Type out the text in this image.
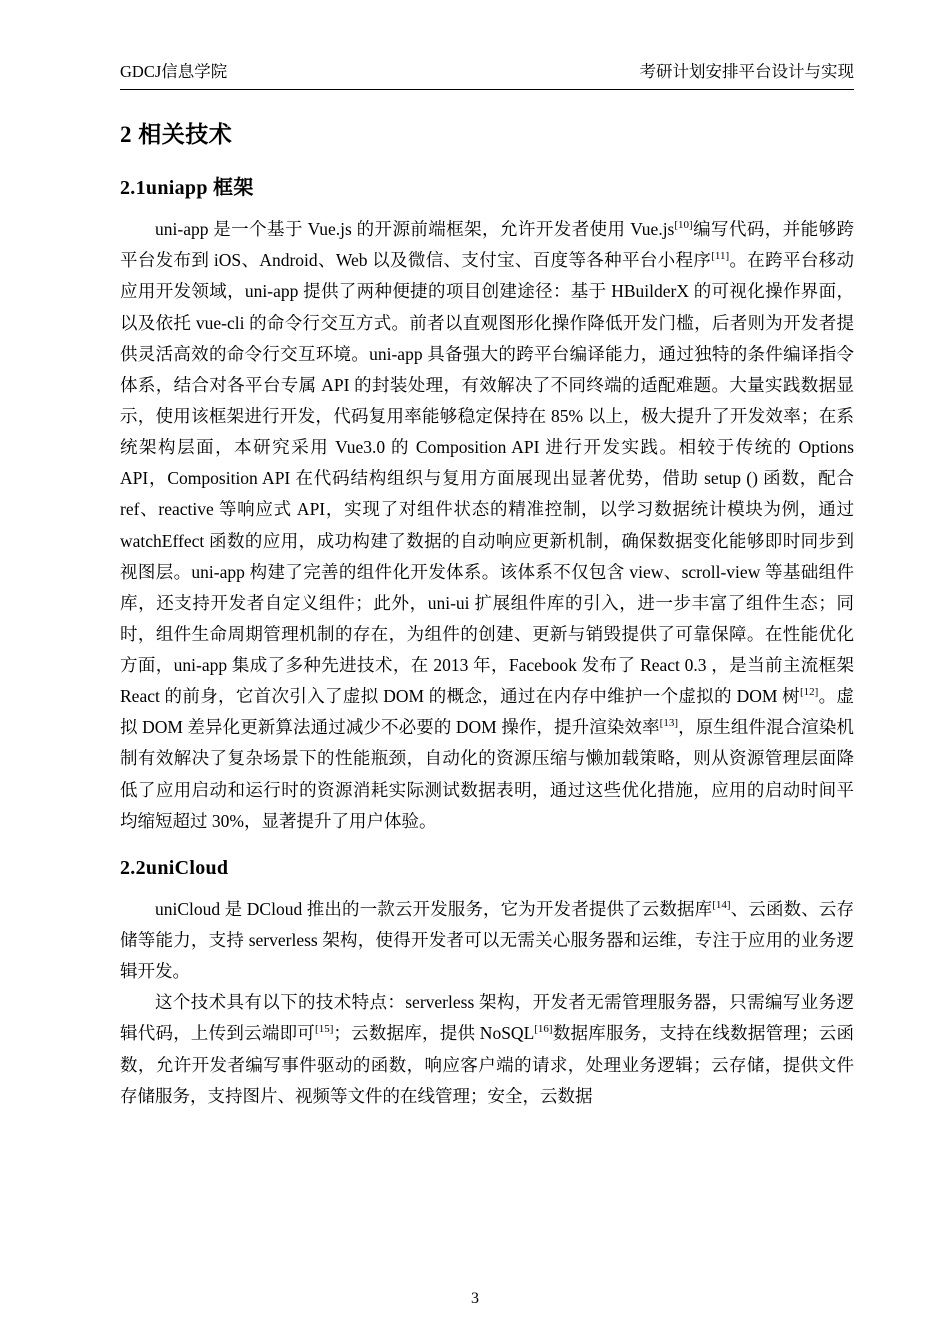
GDCJ信息学院	考研计划安排平台设计与实现
2 相关技术
2.1uniapp 框架

uni-app 是一个基于 Vue.js 的开源前端框架，允许开发者使用 Vue.js[10]编写代码，并能够跨平台发布到 iOS、Android、Web 以及微信、支付宝、百度等各种平台小程序[11]。在跨平台移动应用开发领域，uni-app 提供了两种便捷的项目创建途径：基于 HBuilderX 的可视化操作界面，以及依托 vue-cli 的命令行交互方式。前者以直观图形化操作降低开发门槛，后者则为开发者提供灵活高效的命令行交互环境。uni-app 具备强大的跨平台编译能力，通过独特的条件编译指令体系，结合对各平台专属 API 的封装处理，有效解决了不同终端的适配难题。大量实践数据显示，使用该框架进行开发，代码复用率能够稳定保持在 85% 以上，极大提升了开发效率；在系统架构层面，本研究采用 Vue3.0 的 Composition API 进行开发实践。相较于传统的 Options API，Composition API 在代码结构组织与复用方面展现出显著优势，借助 setup () 函数，配合 ref、reactive 等响应式 API，实现了对组件状态的精准控制，以学习数据统计模块为例，通过 watchEffect 函数的应用，成功构建了数据的自动响应更新机制，确保数据变化能够即时同步到视图层。uni-app 构建了完善的组件化开发体系。该体系不仅包含 view、scroll-view 等基础组件库，还支持开发者自定义组件；此外，uni-ui 扩展组件库的引入，进一步丰富了组件生态；同时，组件生命周期管理机制的存在，为组件的创建、更新与销毁提供了可靠保障。在性能优化方面，uni-app 集成了多种先进技术，在 2013 年，Facebook 发布了 React 0.3 ，是当前主流框架 React 的前身，它首次引入了虚拟 DOM 的概念，通过在内存中维护一个虚拟的 DOM 树[12]。虚拟 DOM 差异化更新算法通过减少不必要的 DOM 操作，提升渲染效率[13]，原生组件混合渲染机制有效解决了复杂场景下的性能瓶颈，自动化的资源压缩与懒加载策略，则从资源管理层面降低了应用启动和运行时的资源消耗实际测试数据表明，通过这些优化措施，应用的启动时间平均缩短超过 30%，显著提升了用户体验。

2.2uniCloud

uniCloud 是 DCloud 推出的一款云开发服务，它为开发者提供了云数据库[14]、云函数、云存储等能力，支持 serverless 架构，使得开发者可以无需关心服务器和运维，专注于应用的业务逻辑开发。

这个技术具有以下的技术特点：serverless 架构，开发者无需管理服务器，只需编写业务逻辑代码，上传到云端即可[15]；云数据库，提供 NoSQL[16]数据库服务，支持在线数据管理；云函数，允许开发者编写事件驱动的函数，响应客户端的请求，处理业务逻辑；云存储，提供文件存储服务，支持图片、视频等文件的在线管理；安全，云数据

3
